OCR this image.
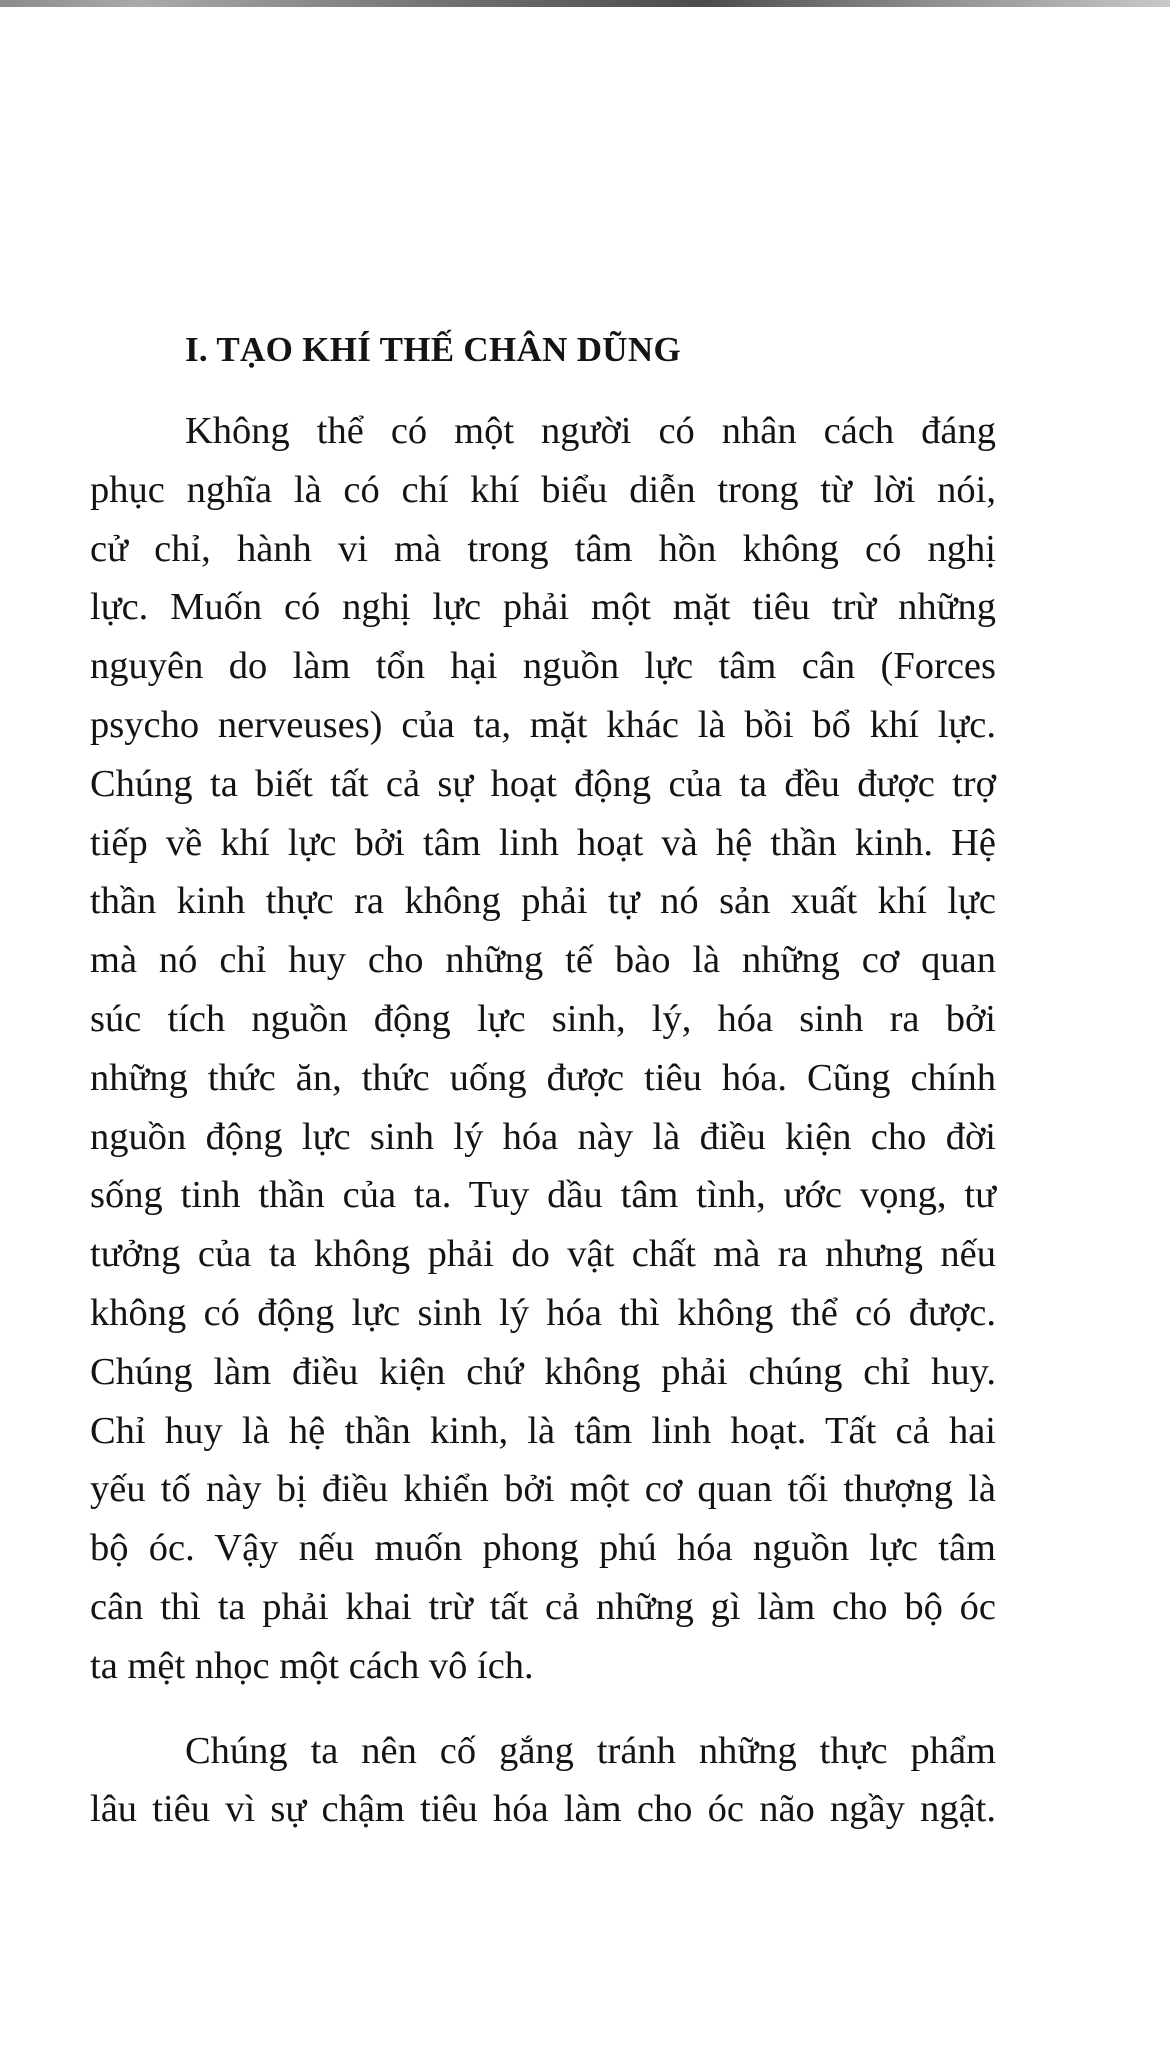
I. TẠO KHÍ THẾ CHÂN DŨNG

Không thể có một người có nhân cách đáng
phục nghĩa là có chí khí biểu diễn trong từ lời nói,
cử chỉ, hành vi mà trong tâm hồn không có nghị
lực. Muốn có nghị lực phải một mặt tiêu trừ những
nguyên do làm tổn hại nguồn lực tâm cân (Forces
psycho nerveuses) của ta, mặt khác là bồi bổ khí lực.
Chúng ta biết tất cả sự hoạt động của ta đều được trợ
tiếp về khí lực bởi tâm linh hoạt và hệ thần kinh. Hệ
thần kinh thực ra không phải tự nó sản xuất khí lực
mà nó chỉ huy cho những tế bào là những cơ quan
súc tích nguồn động lực sinh, lý, hóa sinh ra bởi
những thức ăn, thức uống được tiêu hóa. Cũng chính
nguồn động lực sinh lý hóa này là điều kiện cho đời
sống tinh thần của ta. Tuy dầu tâm tình, ước vọng, tư
tưởng của ta không phải do vật chất mà ra nhưng nếu
không có động lực sinh lý hóa thì không thể có được.
Chúng làm điều kiện chứ không phải chúng chỉ huy.
Chỉ huy là hệ thần kinh, là tâm linh hoạt. Tất cả hai
yếu tố này bị điều khiển bởi một cơ quan tối thượng là
bộ óc. Vậy nếu muốn phong phú hóa nguồn lực tâm
cân thì ta phải khai trừ tất cả những gì làm cho bộ óc
ta mệt nhọc một cách vô ích.

Chúng ta nên cố gắng tránh những thực phẩm
lâu tiêu vì sự chậm tiêu hóa làm cho óc não ngầy ngật.
